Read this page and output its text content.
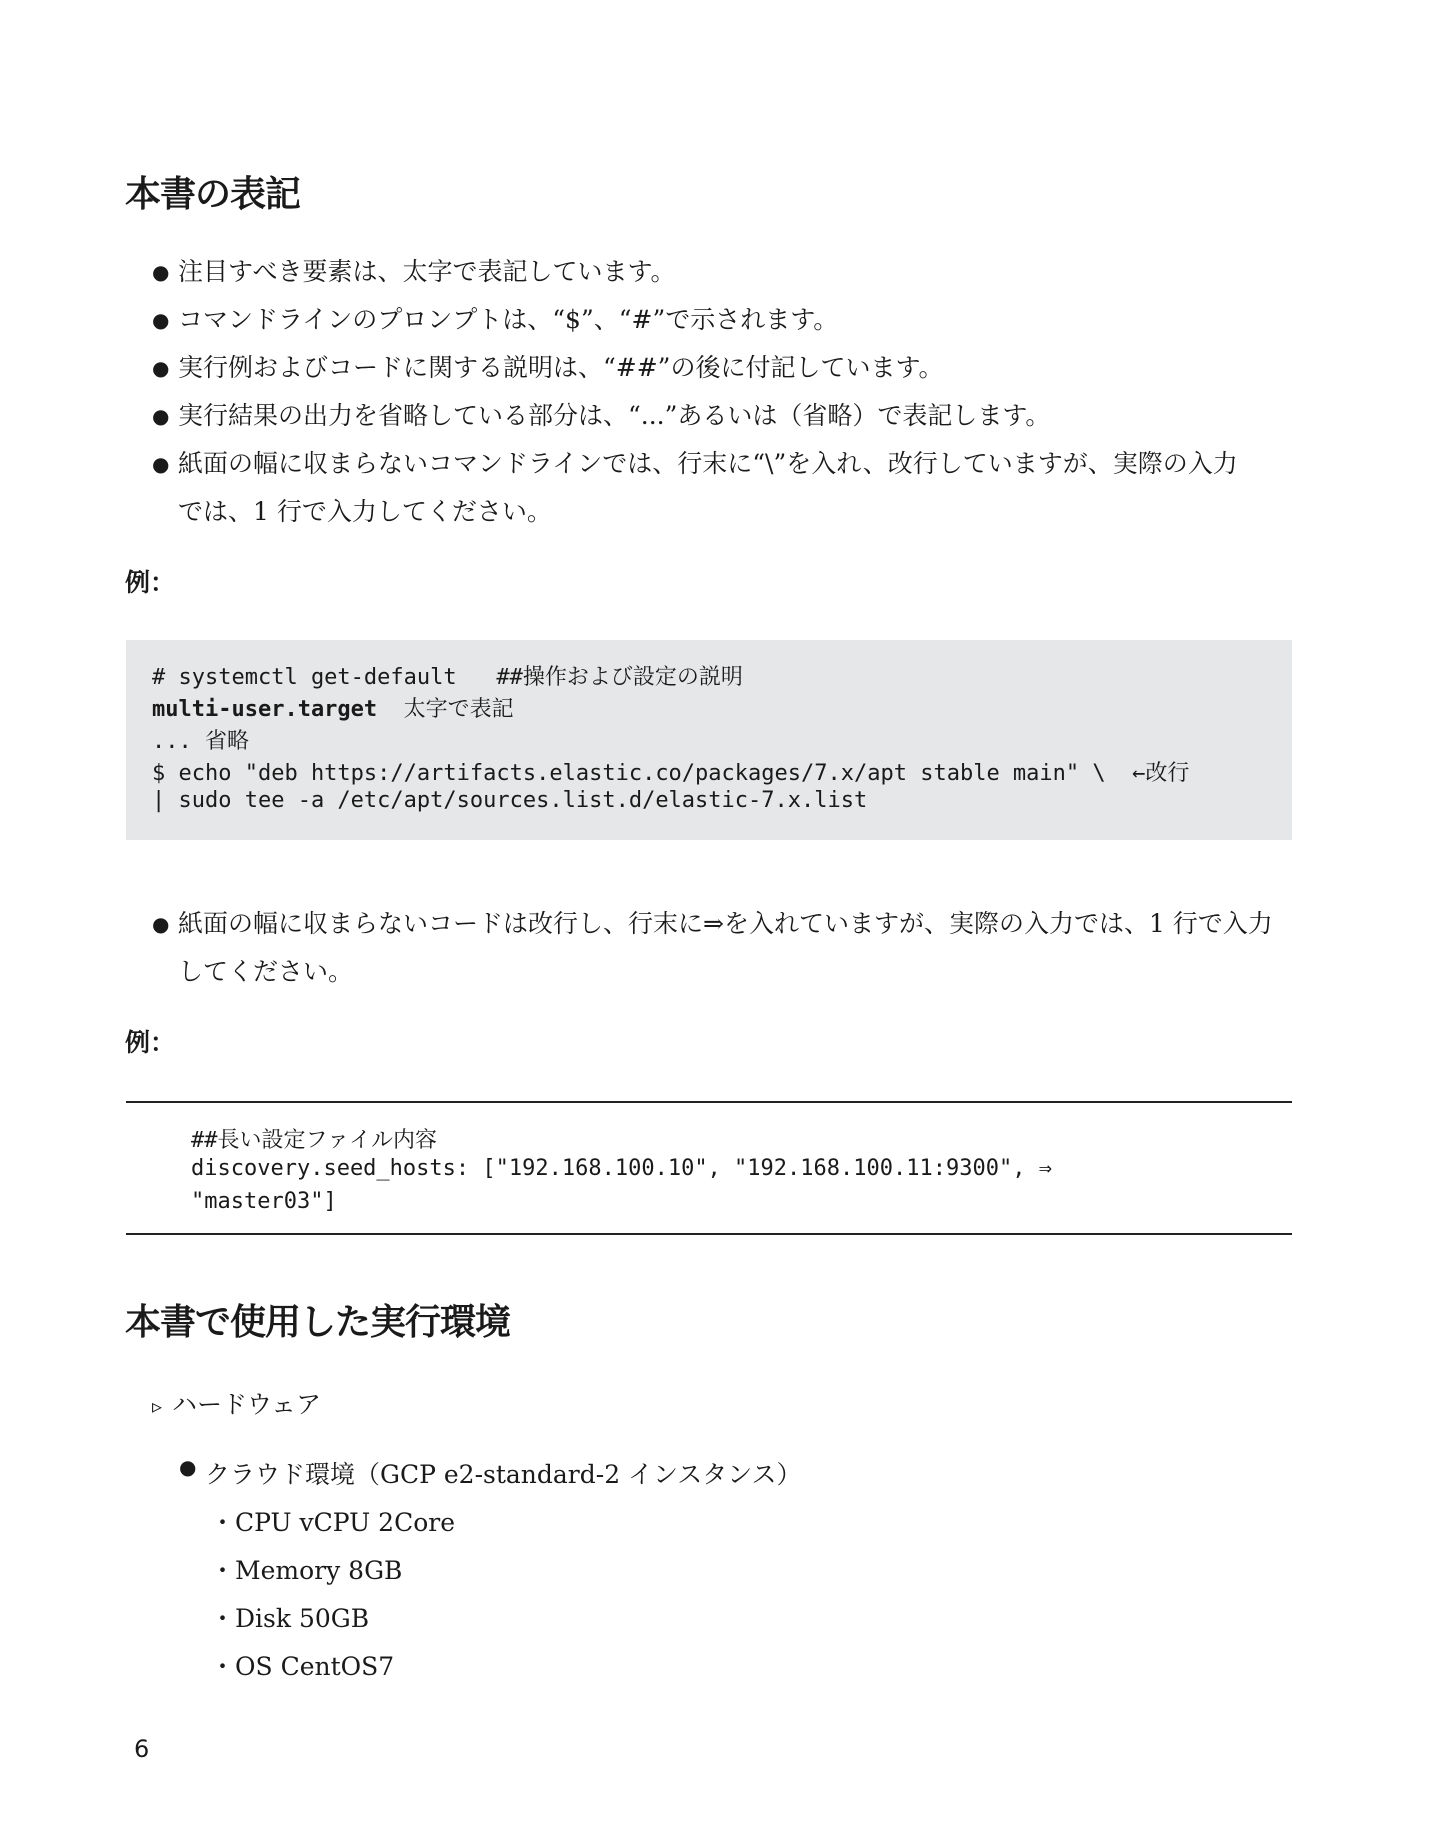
本書の表記
● 注目すべき要素は、太字で表記しています。
● コマンドラインのプロンプトは、“$”、“#”で示されます。
● 実行例およびコードに関する説明は、“##”の後に付記しています。
● 実行結果の出力を省略している部分は、“...”あるいは（省略）で表記します。
● 紙面の幅に収まらないコマンドラインでは、行末に“\”を入れ、改行していますが、実際の入力
では、1 行で入力してください。
例：
# systemctl get-default ##操作および設定の説明
multi-user.target 太字で表記
... 省略
$ echo "deb https://artifacts.elastic.co/packages/7.x/apt stable main" \ ←改行
| sudo tee -a /etc/apt/sources.list.d/elastic-7.x.list
● 紙面の幅に収まらないコードは改行し、行末に⇒を入れていますが、実際の入力では、1 行で入力
してください。
例：
##長い設定ファイル内容
discovery.seed_hosts: ["192.168.100.10", "192.168.100.11:9300", ⇒
"master03"]
本書で使用した実行環境
▹ ハードウェア
● クラウド環境（GCP e2-standard-2 インスタンス）
・CPU vCPU 2Core
・Memory 8GB
・Disk 50GB
・OS CentOS7
6
